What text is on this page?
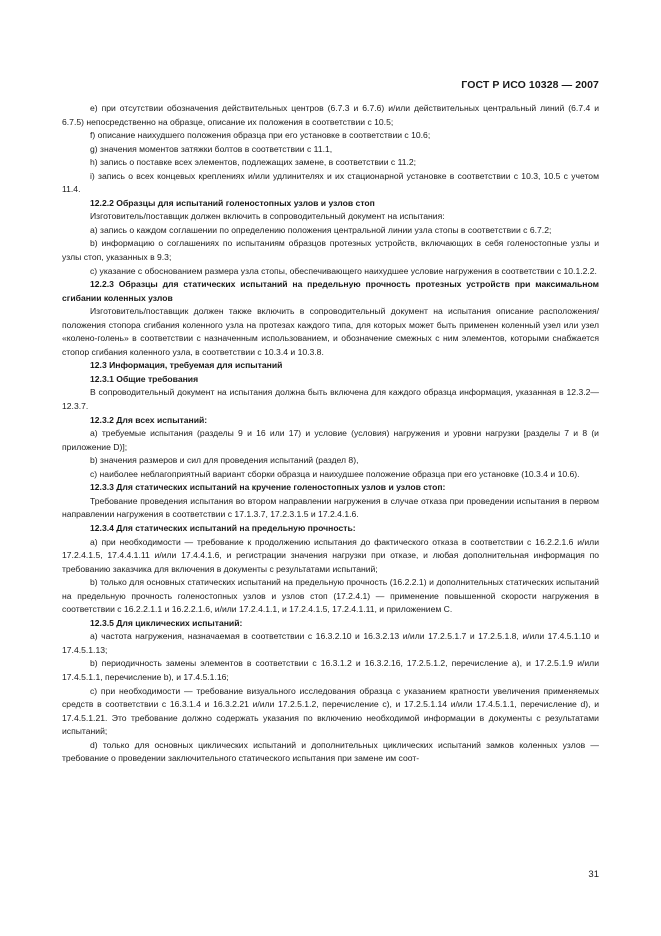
ГОСТ Р ИСО 10328 — 2007

e) при отсутствии обозначения действительных центров (6.7.3 и 6.7.6) и/или действительных центральный линий (6.7.4 и 6.7.5) непосредственно на образце, описание их положения в соответствии с 10.5;

f) описание наихудшего положения образца при его установке в соответствии с 10.6;

g) значения моментов затяжки болтов в соответствии с 11.1,

h) запись о поставке всех элементов, подлежащих замене, в соответствии с 11.2;

i) запись о всех концевых креплениях и/или удлинителях и их стационарной установке в соответствии с 10.3, 10.5 с учетом 11.4.

12.2.2 Образцы для испытаний голеностопных узлов и узлов стоп

Изготовитель/поставщик должен включить в сопроводительный документ на испытания:

a) запись о каждом соглашении по определению положения центральной линии узла стопы в соответствии с 6.7.2;

b) информацию о соглашениях по испытаниям образцов протезных устройств, включающих в себя голеностопные узлы и узлы стоп, указанных в 9.3;

c) указание с обоснованием размера узла стопы, обеспечивающего наихудшее условие нагружения в соответствии с 10.1.2.2.

12.2.3 Образцы для статических испытаний на предельную прочность протезных устройств при максимальном сгибании коленных узлов

Изготовитель/поставщик должен также включить в сопроводительный документ на испытания описание расположения/положения стопора сгибания коленного узла на протезах каждого типа, для которых может быть применен коленный узел или узел «колено-голень» в соответствии с назначенным использованием, и обозначение смежных с ним элементов, которыми снабжается стопор сгибания коленного узла, в соответствии с 10.3.4 и 10.3.8.

12.3 Информация, требуемая для испытаний

12.3.1 Общие требования

В сопроводительный документ на испытания должна быть включена для каждого образца информация, указанная в 12.3.2—12.3.7.

12.3.2 Для всех испытаний:

a) требуемые испытания (разделы 9 и 16 или 17) и условие (условия) нагружения и уровни нагрузки [разделы 7 и 8 (и приложение D)];

b) значения размеров и сил для проведения испытаний (раздел 8),

c) наиболее неблагоприятный вариант сборки образца и наихудшее положение образца при его установке (10.3.4 и 10.6).

12.3.3 Для статических испытаний на кручение голеностопных узлов и узлов стоп:

Требование проведения испытания во втором направлении нагружения в случае отказа при проведении испытания в первом направлении нагружения в соответствии с 17.1.3.7, 17.2.3.1.5 и 17.2.4.1.6.

12.3.4 Для статических испытаний на предельную прочность:

a) при необходимости — требование к продолжению испытания до фактического отказа в соответствии с 16.2.2.1.6 и/или 17.2.4.1.5, 17.4.4.1.11 и/или 17.4.4.1.6, и регистрации значения нагрузки при отказе, и любая дополнительная информация по требованию заказчика для включения в документы с результатами испытаний;

b) только для основных статических испытаний на предельную прочность (16.2.2.1) и дополнительных статических испытаний на предельную прочность голеностопных узлов и узлов стоп (17.2.4.1) — применение повышенной скорости нагружения в соответствии с 16.2.2.1.1 и 16.2.2.1.6, и/или 17.2.4.1.1, и 17.2.4.1.5, 17.2.4.1.11, и приложением C.

12.3.5 Для циклических испытаний:

a) частота нагружения, назначаемая в соответствии с 16.3.2.10 и 16.3.2.13 и/или 17.2.5.1.7 и 17.2.5.1.8, и/или 17.4.5.1.10 и 17.4.5.1.13;

b) периодичность замены элементов в соответствии с 16.3.1.2 и 16.3.2.16, 17.2.5.1.2, перечисление а), и 17.2.5.1.9 и/или 17.4.5.1.1, перечисление b), и 17.4.5.1.16;

c) при необходимости — требование визуального исследования образца с указанием кратности увеличения применяемых средств в соответствии с 16.3.1.4 и 16.3.2.21 и/или 17.2.5.1.2, перечисление c), и 17.2.5.1.14 и/или 17.4.5.1.1, перечисление d), и 17.4.5.1.21. Это требование должно содержать указания по включению необходимой информации в документы с результатами испытаний;

d) только для основных циклических испытаний и дополнительных циклических испытаний замков коленных узлов — требование о проведении заключительного статического испытания при замене им соот-

31
